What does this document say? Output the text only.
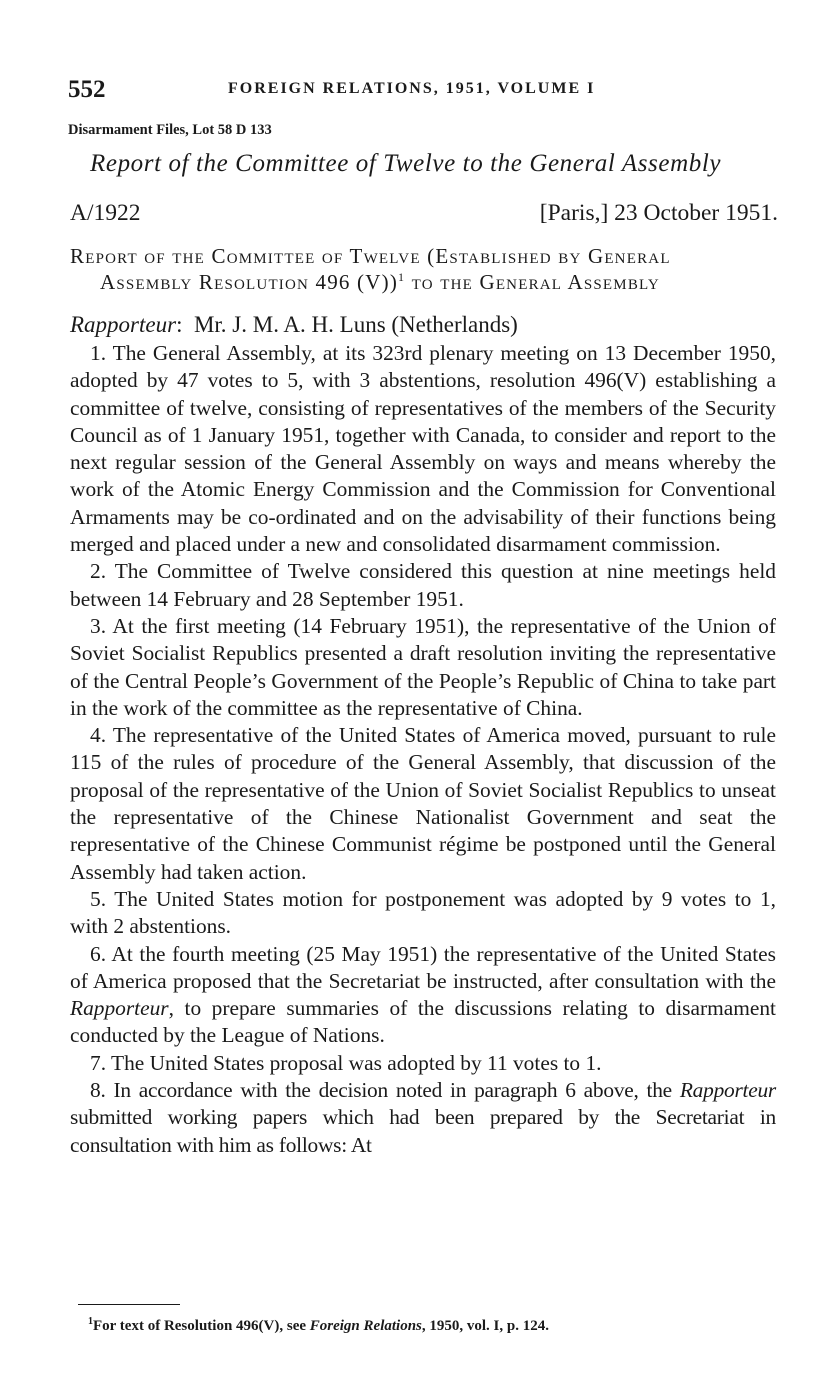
552	FOREIGN RELATIONS, 1951, VOLUME I
Disarmament Files, Lot 58 D 133
Report of the Committee of Twelve to the General Assembly
A/1922	[Paris,] 23 October 1951.
Report of the Committee of Twelve (Established by General
Assembly Resolution 496 (V))$^1$ to the General Assembly
Rapporteur: Mr. J. M. A. H. Luns (Netherlands)

1. The General Assembly, at its 323rd plenary meeting on 13 December 1950, adopted by 47 votes to 5, with 3 abstentions, resolution 496(V) establishing a committee of twelve, consisting of representatives of the members of the Security Council as of 1 January 1951, together with Canada, to consider and report to the next regular session of the General Assembly on ways and means whereby the work of the Atomic Energy Commission and the Commission for Conventional Armaments may be co-ordinated and on the advisability of their functions being merged and placed under a new and consolidated disarmament commission.

2. The Committee of Twelve considered this question at nine meetings held between 14 February and 28 September 1951.

3. At the first meeting (14 February 1951), the representative of the Union of Soviet Socialist Republics presented a draft resolution inviting the representative of the Central People’s Government of the People’s Republic of China to take part in the work of the committee as the representative of China.

4. The representative of the United States of America moved, pursuant to rule 115 of the rules of procedure of the General Assembly, that discussion of the proposal of the representative of the Union of Soviet Socialist Republics to unseat the representative of the Chinese Nationalist Government and seat the representative of the Chinese Communist régime be postponed until the General Assembly had taken action.

5. The United States motion for postponement was adopted by 9 votes to 1, with 2 abstentions.

6. At the fourth meeting (25 May 1951) the representative of the United States of America proposed that the Secretariat be instructed, after consultation with the Rapporteur, to prepare summaries of the discussions relating to disarmament conducted by the League of Nations.

7. The United States proposal was adopted by 11 votes to 1.

8. In accordance with the decision noted in paragraph 6 above, the Rapporteur submitted working papers which had been prepared by the Secretariat in consultation with him as follows: At

$^1$For text of Resolution 496(V), see Foreign Relations, 1950, vol. I, p. 124.
